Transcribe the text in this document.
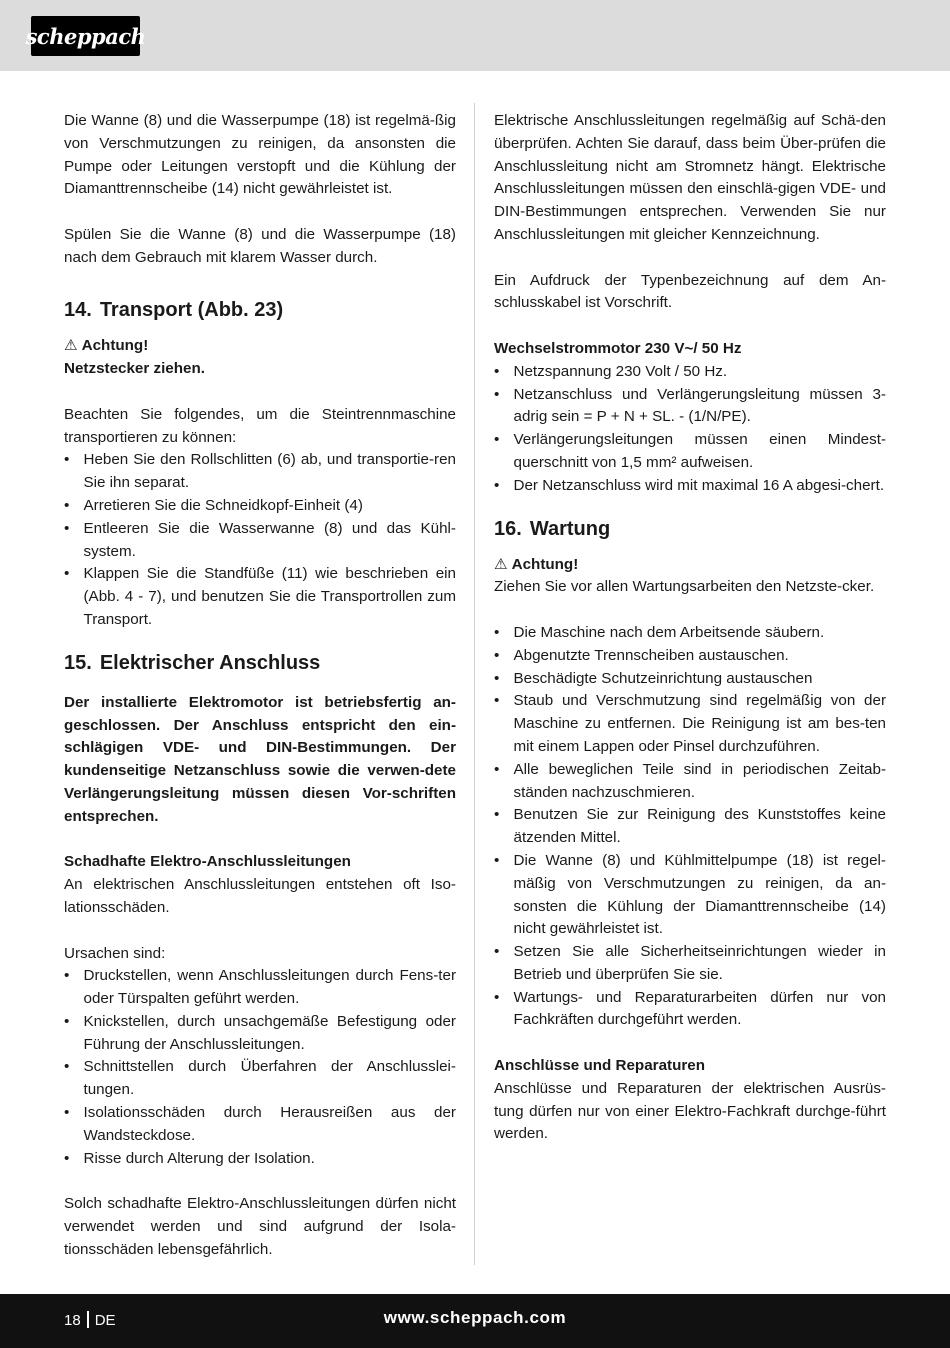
scheppach

Die Wanne (8) und die Wasserpumpe (18) ist regelmä-ßig von Verschmutzungen zu reinigen, da ansonsten die Pumpe oder Leitungen verstopft und die Kühlung der Diamanttrennscheibe (14) nicht gewährleistet ist.

Spülen Sie die Wanne (8) und die Wasserpumpe (18) nach dem Gebrauch mit klarem Wasser durch.

14. Transport (Abb. 23)

⚠ Achtung!

Netzstecker ziehen.

Beachten Sie folgendes, um die Steintrennmaschine transportieren zu können:

• Heben Sie den Rollschlitten (6) ab, und transportie-ren Sie ihn separat.
• Arretieren Sie die Schneidkopf-Einheit (4)
• Entleeren Sie die Wasserwanne (8) und das Kühl-system.
• Klappen Sie die Standfüße (11) wie beschrieben ein (Abb. 4 - 7), und benutzen Sie die Transportrollen zum Transport.
15. Elektrischer Anschluss

Der installierte Elektromotor ist betriebsfertig an-geschlossen. Der Anschluss entspricht den ein-schlägigen VDE- und DIN-Bestimmungen. Der kundenseitige Netzanschluss sowie die verwen-dete Verlängerungsleitung müssen diesen Vor-schriften entsprechen.

Schadhafte Elektro-Anschlussleitungen

An elektrischen Anschlussleitungen entstehen oft Iso-lationsschäden.

Ursachen sind:

• Druckstellen, wenn Anschlussleitungen durch Fens-ter oder Türspalten geführt werden.
• Knickstellen, durch unsachgemäße Befestigung oder Führung der Anschlussleitungen.
• Schnittstellen durch Überfahren der Anschlusslei-tungen.
• Isolationsschäden durch Herausreißen aus der Wandsteckdose.
• Risse durch Alterung der Isolation.

Solch schadhafte Elektro-Anschlussleitungen dürfen nicht verwendet werden und sind aufgrund der Isola-tionsschäden lebensgefährlich.

Elektrische Anschlussleitungen regelmäßig auf Schä-den überprüfen. Achten Sie darauf, dass beim Über-prüfen die Anschlussleitung nicht am Stromnetz hängt. Elektrische Anschlussleitungen müssen den einschlä-gigen VDE- und DIN-Bestimmungen entsprechen. Verwenden Sie nur Anschlussleitungen mit gleicher Kennzeichnung.

Ein Aufdruck der Typenbezeichnung auf dem An-schlusskabel ist Vorschrift.

Wechselstrommotor 230 V~/ 50 Hz

• Netzspannung 230 Volt / 50 Hz.
• Netzanschluss und Verlängerungsleitung müssen 3-adrig sein = P + N + SL. - (1/N/PE).
• Verlängerungsleitungen müssen einen Mindest-querschnitt von 1,5 mm² aufweisen.
• Der Netzanschluss wird mit maximal 16 A abgesi-chert.
16. Wartung

⚠ Achtung!

Ziehen Sie vor allen Wartungsarbeiten den Netzste-cker.

• Die Maschine nach dem Arbeitsende säubern.
• Abgenutzte Trennscheiben austauschen.
• Beschädigte Schutzeinrichtung austauschen
• Staub und Verschmutzung sind regelmäßig von der Maschine zu entfernen. Die Reinigung ist am bes-ten mit einem Lappen oder Pinsel durchzuführen.
• Alle beweglichen Teile sind in periodischen Zeitab-ständen nachzuschmieren.
• Benutzen Sie zur Reinigung des Kunststoffes keine ätzenden Mittel.
• Die Wanne (8) und Kühlmittelpumpe (18) ist regel-mäßig von Verschmutzungen zu reinigen, da an-sonsten die Kühlung der Diamanttrennscheibe (14) nicht gewährleistet ist.
• Setzen Sie alle Sicherheitseinrichtungen wieder in Betrieb und überprüfen Sie sie.
• Wartungs- und Reparaturarbeiten dürfen nur von Fachkräften durchgeführt werden.

Anschlüsse und Reparaturen

Anschlüsse und Reparaturen der elektrischen Ausrüs-tung dürfen nur von einer Elektro-Fachkraft durchge-führt werden.

18 DE	www.scheppach.com
